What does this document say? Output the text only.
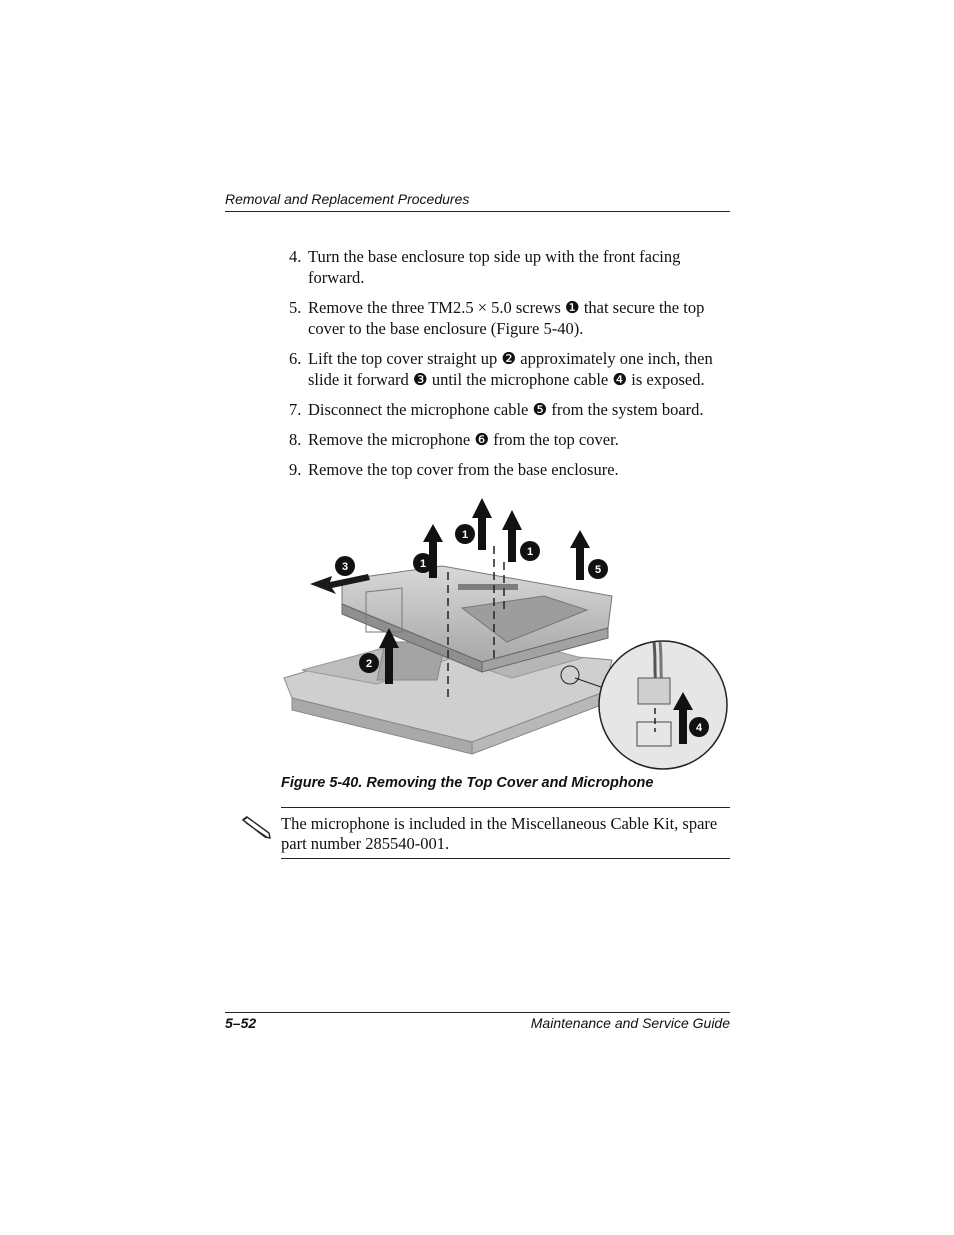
Removal and Replacement Procedures
4. Turn the base enclosure top side up with the front facing forward.
5. Remove the three TM2.5 × 5.0 screws ❶ that secure the top cover to the base enclosure (Figure 5-40).
6. Lift the top cover straight up ❷ approximately one inch, then slide it forward ❸ until the microphone cable ❹ is exposed.
7. Disconnect the microphone cable ❺ from the system board.
8. Remove the microphone ❻ from the top cover.
9. Remove the top cover from the base enclosure.
1
1
1
2
3
4
5
Figure 5-40. Removing the Top Cover and Microphone
The microphone is included in the Miscellaneous Cable Kit, spare part number 285540-001.
5–52	Maintenance and Service Guide
